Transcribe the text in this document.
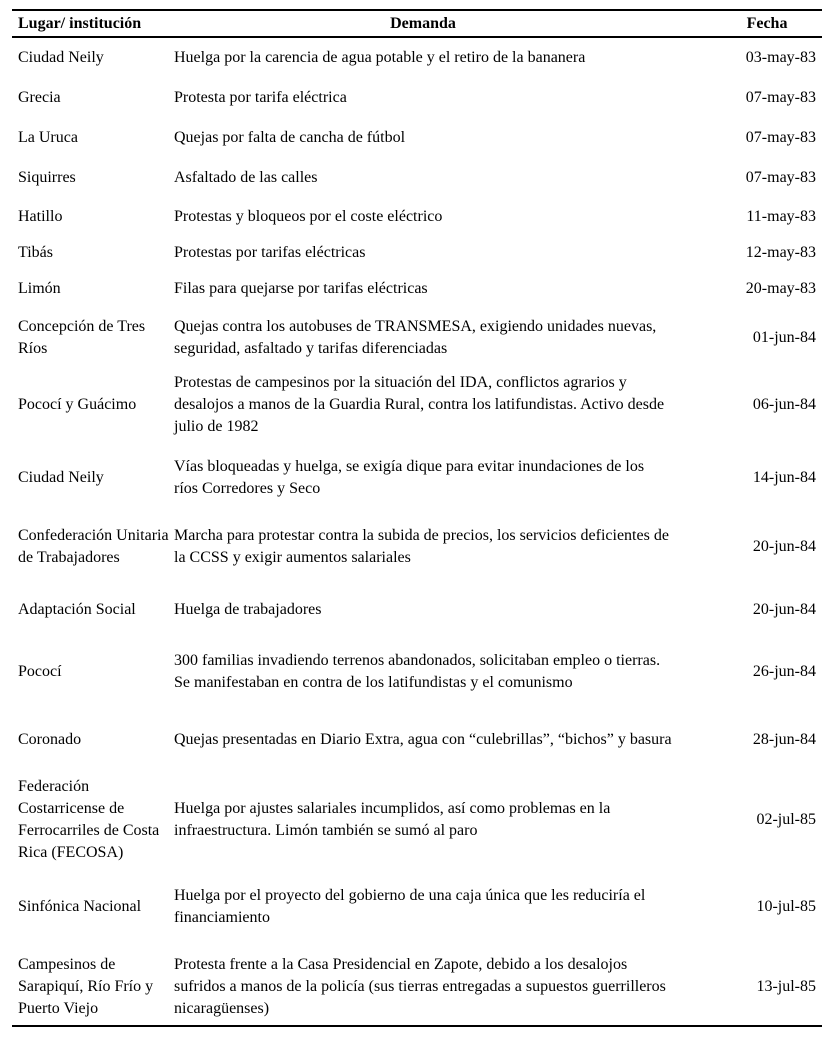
Lugar/ institución	Demanda	Fecha
Ciudad Neily	Huelga por la carencia de agua potable y el retiro de la bananera	03-may-83
Grecia	Protesta por tarifa eléctrica	07-may-83
La Uruca	Quejas por falta de cancha de fútbol	07-may-83
Siquirres	Asfaltado de las calles	07-may-83
Hatillo	Protestas y bloqueos por el coste eléctrico	11-may-83
Tibás	Protestas por tarifas eléctricas	12-may-83
Limón	Filas para quejarse por tarifas eléctricas	20-may-83
Concepción de Tres Ríos	Quejas contra los autobuses de TRANSMESA, exigiendo unidades nuevas, seguridad, asfaltado y tarifas diferenciadas	01-jun-84
Pococí y Guácimo	Protestas de campesinos por la situación del IDA, conflictos agrarios y desalojos a manos de la Guardia Rural, contra los latifundistas. Activo desde julio de 1982	06-jun-84
Ciudad Neily	Vías bloqueadas y huelga, se exigía dique para evitar inundaciones de los ríos Corredores y Seco	14-jun-84
Confederación Unitaria de Trabajadores	Marcha para protestar contra la subida de precios, los servicios deficientes de la CCSS y exigir aumentos salariales	20-jun-84
Adaptación Social	Huelga de trabajadores	20-jun-84
Pococí	300 familias invadiendo terrenos abandonados, solicitaban empleo o tierras. Se manifestaban en contra de los latifundistas y el comunismo	26-jun-84
Coronado	Quejas presentadas en Diario Extra, agua con “culebrillas”, “bichos” y basura	28-jun-84
Federación Costarricense de Ferrocarriles de Costa Rica (FECOSA)	Huelga por ajustes salariales incumplidos, así como problemas en la infraestructura. Limón también se sumó al paro	02-jul-85
Sinfónica Nacional	Huelga por el proyecto del gobierno de una caja única que les reduciría el financiamiento	10-jul-85
Campesinos de Sarapiquí, Río Frío y Puerto Viejo	Protesta frente a la Casa Presidencial en Zapote, debido a los desalojos sufridos a manos de la policía (sus tierras entregadas a supuestos guerrilleros nicaragüenses)	13-jul-85
